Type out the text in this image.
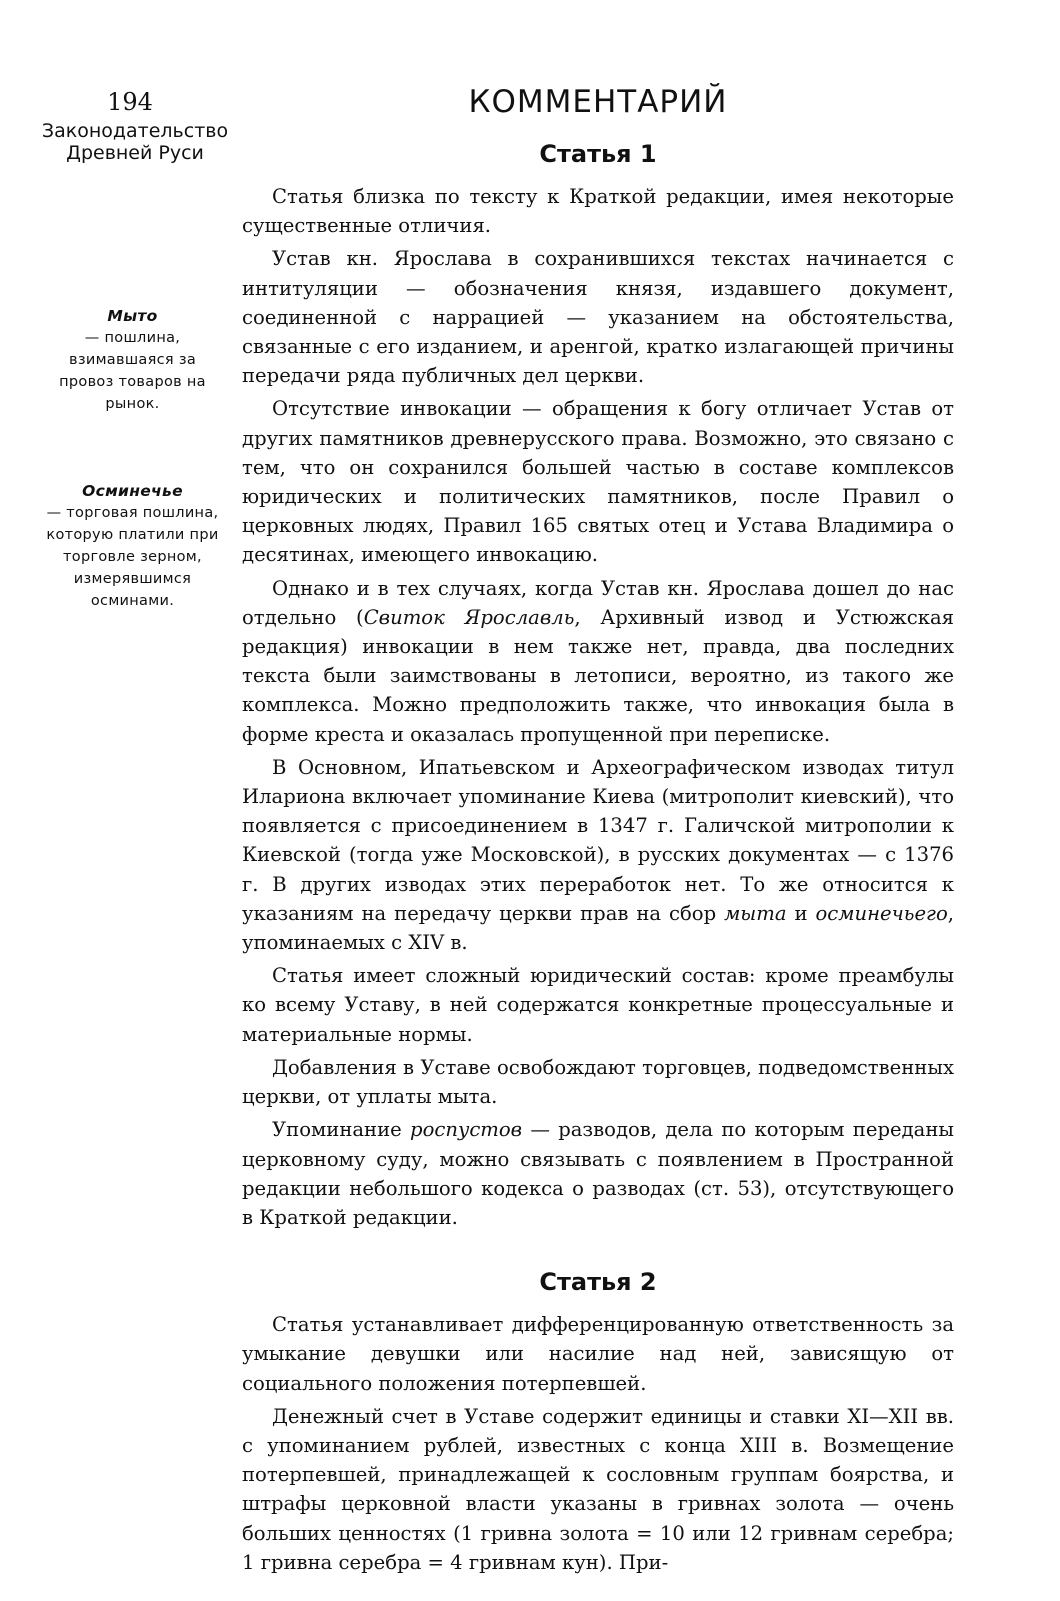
194
Законодательство Древней Руси
Мыто
— пошлина, взимавшаяся за провоз товаров на рынок.
Осминечье
— торговая пошлина, которую платили при торговле зерном, измерявшимся осминами.
КОММЕНТАРИЙ
Статья 1

Статья близка по тексту к Краткой редакции, имея некоторые существенные отличия.

Устав кн. Ярослава в сохранившихся текстах начинается с интитуляции — обозначения князя, издавшего документ, соединенной с наррацией — указанием на обстоятельства, связанные с его изданием, и аренгой, кратко излагающей причины передачи ряда публичных дел церкви.

Отсутствие инвокации — обращения к богу отличает Устав от других памятников древнерусского права. Возможно, это связано с тем, что он сохранился большей частью в составе комплексов юридических и политических памятников, после Правил о церковных людях, Правил 165 святых отец и Устава Владимира о десятинах, имеющего инвокацию.

Однако и в тех случаях, когда Устав кн. Ярослава дошел до нас отдельно (Свиток Ярославль, Архивный извод и Устюжская редакция) инвокации в нем также нет, правда, два последних текста были заимствованы в летописи, вероятно, из такого же комплекса. Можно предположить также, что инвокация была в форме креста и оказалась пропущенной при переписке.

В Основном, Ипатьевском и Археографическом изводах титул Илариона включает упоминание Киева (митрополит киевский), что появляется с присоединением в 1347 г. Галичской митрополии к Киевской (тогда уже Московской), в русских документах — с 1376 г. В других изводах этих переработок нет. То же относится к указаниям на передачу церкви прав на сбор мыта и осминечьего, упоминаемых с XIV в.

Статья имеет сложный юридический состав: кроме преамбулы ко всему Уставу, в ней содержатся конкретные процессуальные и материальные нормы.

Добавления в Уставе освобождают торговцев, подведомственных церкви, от уплаты мыта.

Упоминание роспустов — разводов, дела по которым переданы церковному суду, можно связывать с появлением в Пространной редакции небольшого кодекса о разводах (ст. 53), отсутствующего в Краткой редакции.

Статья 2

Статья устанавливает дифференцированную ответственность за умыкание девушки или насилие над ней, зависящую от социального положения потерпевшей.

Денежный счет в Уставе содержит единицы и ставки XI—XII вв. с упоминанием рублей, известных с конца XIII в. Возмещение потерпевшей, принадлежащей к сословным группам боярства, и штрафы церковной власти указаны в гривнах золота — очень больших ценностях (1 гривна золота = 10 или 12 гривнам серебра; 1 гривна серебра = 4 гривнам кун). При-
